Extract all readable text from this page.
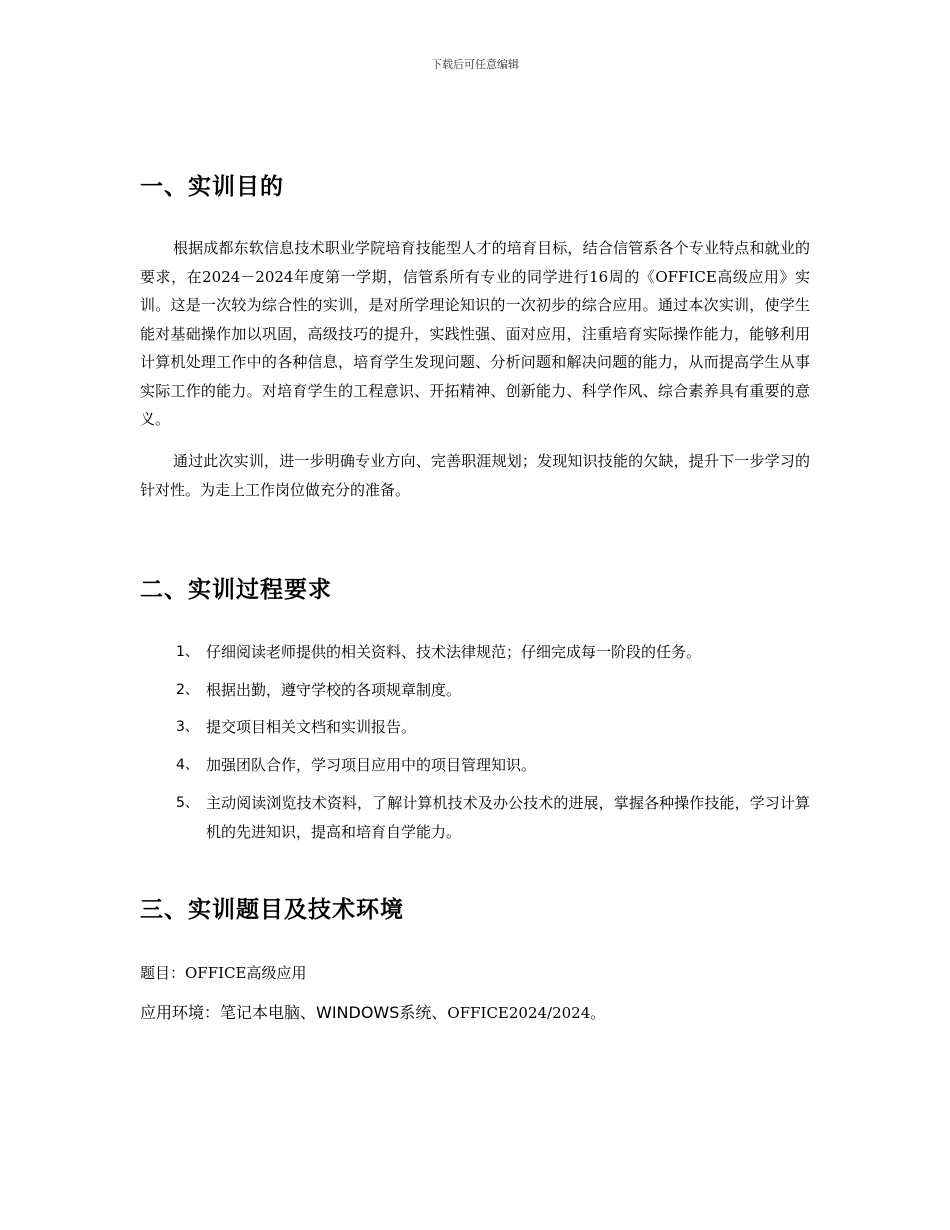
下载后可任意编辑
一、实训目的
根据成都东软信息技术职业学院培育技能型人才的培育目标，结合信管系各个专业特点和就业的要求，在2024－2024年度第一学期，信管系所有专业的同学进行16周的《OFFICE高级应用》实训。这是一次较为综合性的实训，是对所学理论知识的一次初步的综合应用。通过本次实训，使学生能对基础操作加以巩固，高级技巧的提升，实践性强、面对应用，注重培育实际操作能力，能够利用计算机处理工作中的各种信息，培育学生发现问题、分析问题和解决问题的能力，从而提高学生从事实际工作的能力。对培育学生的工程意识、开拓精神、创新能力、科学作风、综合素养具有重要的意义。
通过此次实训，进一步明确专业方向、完善职涯规划；发现知识技能的欠缺，提升下一步学习的针对性。为走上工作岗位做充分的准备。
二、实训过程要求
1、 仔细阅读老师提供的相关资料、技术法律规范；仔细完成每一阶段的任务。
2、 根据出勤，遵守学校的各项规章制度。
3、 提交项目相关文档和实训报告。
4、 加强团队合作，学习项目应用中的项目管理知识。
5、 主动阅读浏览技术资料，了解计算机技术及办公技术的进展，掌握各种操作技能，学习计算机的先进知识，提高和培育自学能力。
三、实训题目及技术环境
题目：OFFICE高级应用
应用环境：笔记本电脑、WINDOWS系统、OFFICE2024/2024。
